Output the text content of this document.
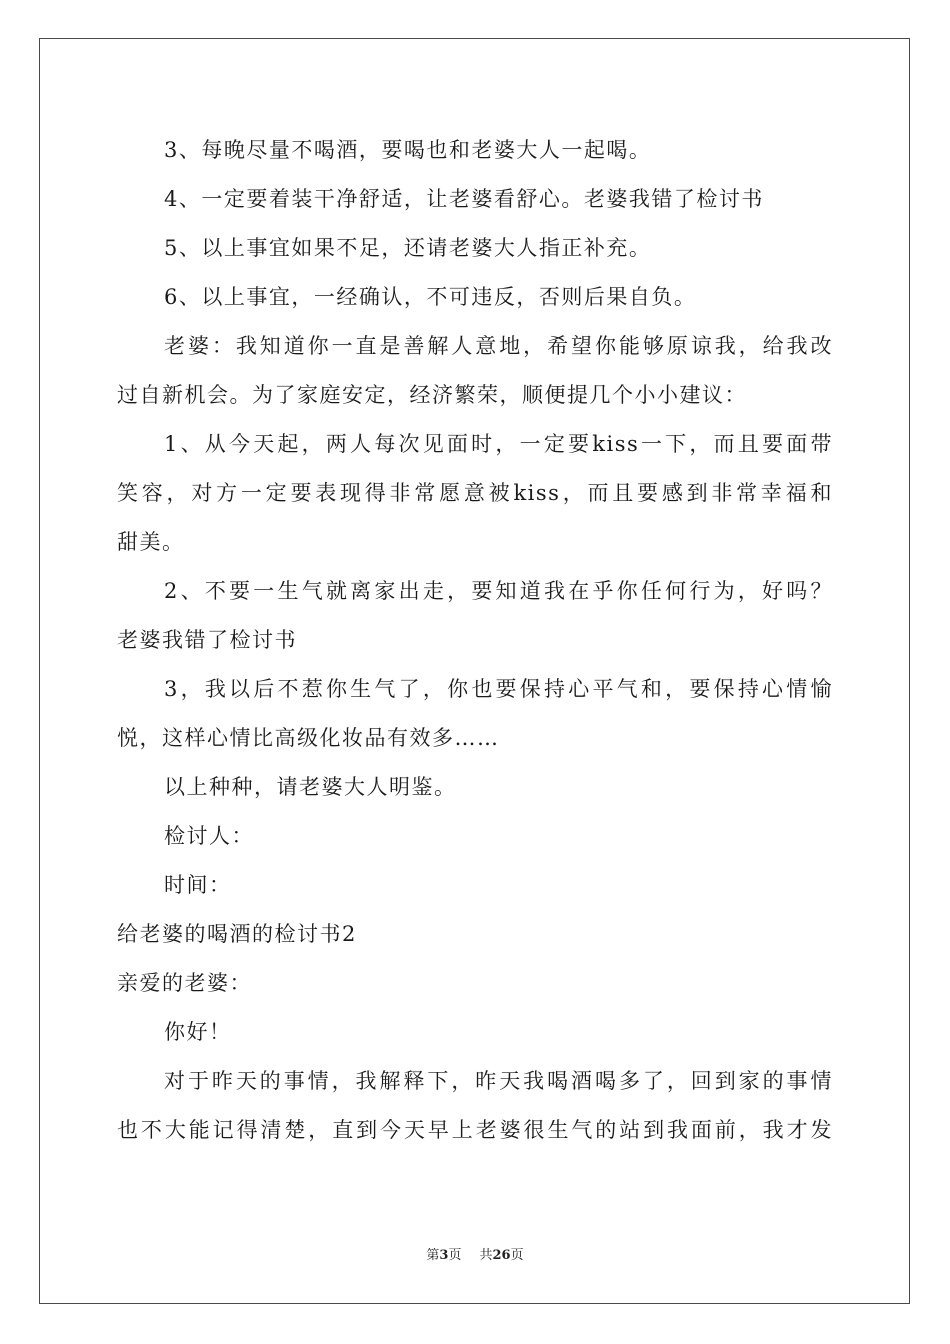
3、每晚尽量不喝酒，要喝也和老婆大人一起喝。
4、一定要着装干净舒适，让老婆看舒心。老婆我错了检讨书
5、以上事宜如果不足，还请老婆大人指正补充。
6、以上事宜，一经确认，不可违反，否则后果自负。
老婆：我知道你一直是善解人意地，希望你能够原谅我，给我改
过自新机会。为了家庭安定，经济繁荣，顺便提几个小小建议：
1、从今天起，两人每次见面时，一定要kiss一下，而且要面带
笑容，对方一定要表现得非常愿意被kiss，而且要感到非常幸福和
甜美。
2、不要一生气就离家出走，要知道我在乎你任何行为，好吗？
老婆我错了检讨书
3，我以后不惹你生气了，你也要保持心平气和，要保持心情愉
悦，这样心情比高级化妆品有效多……
以上种种，请老婆大人明鉴。
检讨人：
时间：
给老婆的喝酒的检讨书2
亲爱的老婆：
你好！
对于昨天的事情，我解释下，昨天我喝酒喝多了，回到家的事情
也不大能记得清楚，直到今天早上老婆很生气的站到我面前，我才发
第3页 共26页
